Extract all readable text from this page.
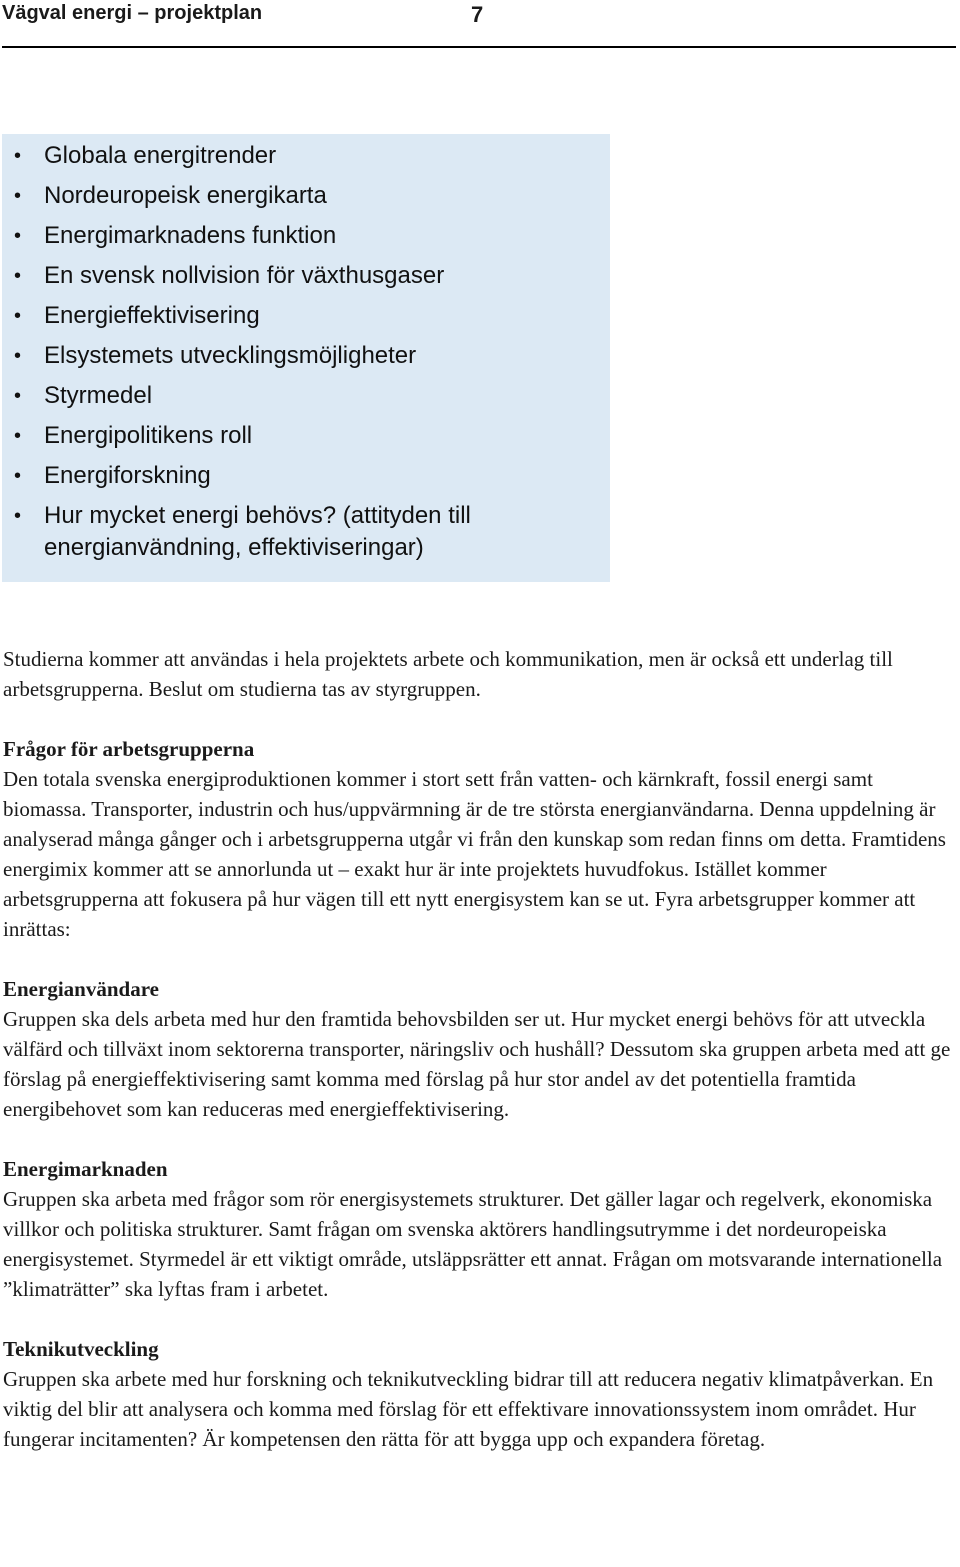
Vägval energi – projektplan	7
• Globala energitrender
• Nordeuropeisk energikarta
• Energimarknadens funktion
• En svensk nollvision för växthusgaser
• Energieffektivisering
• Elsystemets utvecklingsmöjligheter
• Styrmedel
• Energipolitikens roll
• Energiforskning
• Hur mycket energi behövs? (attityden till energianvändning, effektiviseringar)

Studierna kommer att användas i hela projektets arbete och kommunikation, men är också ett underlag till arbetsgrupperna. Beslut om studierna tas av styrgruppen.

Frågor för arbetsgrupperna

Den totala svenska energiproduktionen kommer i stort sett från vatten- och kärnkraft, fossil energi samt biomassa. Transporter, industrin och hus/uppvärmning är de tre största energianvändarna. Denna uppdelning är analyserad många gånger och i arbetsgrupperna utgår vi från den kunskap som redan finns om detta. Framtidens energimix kommer att se annorlunda ut – exakt hur är inte projektets huvudfokus. Istället kommer arbetsgrupperna att fokusera på hur vägen till ett nytt energisystem kan se ut. Fyra arbetsgrupper kommer att inrättas:

Energianvändare

Gruppen ska dels arbeta med hur den framtida behovsbilden ser ut. Hur mycket energi behövs för att utveckla välfärd och tillväxt inom sektorerna transporter, näringsliv och hushåll? Dessutom ska gruppen arbeta med att ge förslag på energieffektivisering samt komma med förslag på hur stor andel av det potentiella framtida energibehovet som kan reduceras med energieffektivisering.

Energimarknaden

Gruppen ska arbeta med frågor som rör energisystemets strukturer. Det gäller lagar och regelverk, ekonomiska villkor och politiska strukturer. Samt frågan om svenska aktörers handlingsutrymme i det nordeuropeiska energisystemet. Styrmedel är ett viktigt område, utsläppsrätter ett annat. Frågan om motsvarande internationella ”klimaträtter” ska lyftas fram i arbetet.

Teknikutveckling

Gruppen ska arbete med hur forskning och teknikutveckling bidrar till att reducera negativ klimatpåverkan. En viktig del blir att analysera och komma med förslag för ett effektivare innovationssystem inom området. Hur fungerar incitamenten? Är kompetensen den rätta för att bygga upp och expandera företag.
